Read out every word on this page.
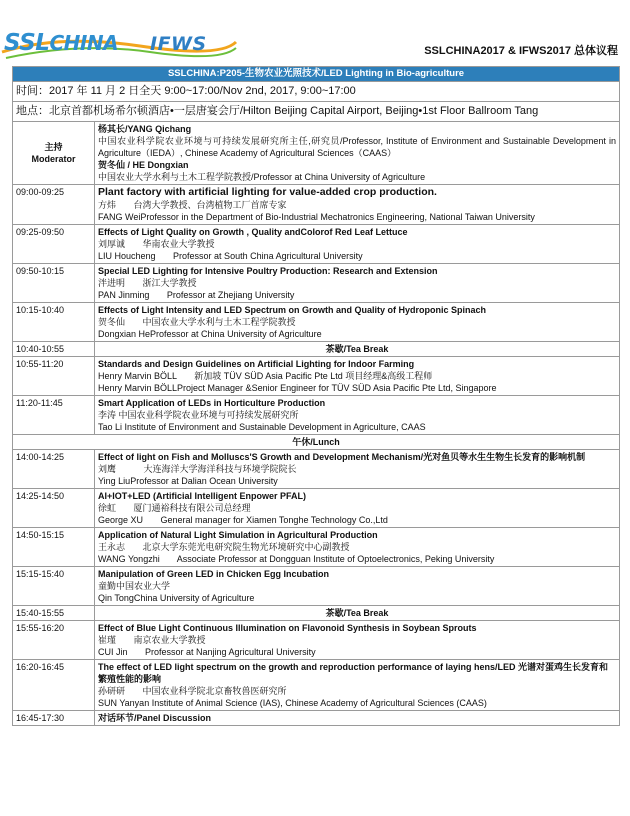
SSLCHINA IFWS	SSLCHINA2017 & IFWS2017 总体议程
SSLCHINA:P205-生物农业光照技术/LED Lighting in Bio-agriculture	
时间：2017 年 11 月 2 日全天 9:00~17:00/Nov 2nd, 2017, 9:00~17:00	
地点：北京首都机场希尔顿酒店•一层唐宴会厅/Hilton Beijing Capital Airport, Beijing•1st Floor Ballroom Tang	
主持
Moderator	杨其长/YANG Qichang
中国农业科学院农业环境与可持续发展研究所主任,研究员/Professor, Institute of Environment and Sustainable Development in Agriculture（IEDA）, Chinese Academy of Agricultural Sciences（CAAS）
贺冬仙 / HE Dongxian
中国农业大学水利与土木工程学院教授/Professor at China University of Agriculture

09:00-09:25	Plant factory with artificial lighting for value-added crop production.
方炜       台湾大学教授、台湾植物工厂首席专家
FANG WeiProfessor in the Department of Bio-Industrial Mechatronics Engineering, National Taiwan University

09:25-09:50	Effects of Light Quality on Growth , Quality andColorof Red Leaf Lettuce
刘厚诚       华南农业大学教授
LIU Houcheng       Professor at South China Agricultural University

09:50-10:15	Special LED Lighting for Intensive Poultry Production: Research and Extension
泮进明       浙江大学教授
PAN Jinming       Professor at Zhejiang University

10:15-10:40	Effects of Light Intensity and LED Spectrum on Growth and Quality of Hydroponic Spinach
贺冬仙       中国农业大学水利与土木工程学院教授
Dongxian HeProfessor at China University of Agriculture

10:40-10:55	茶歇/Tea Break
10:55-11:20	Standards and Design Guidelines on Artificial Lighting for Indoor Farming
Henry Marvin BÖLL       新加坡 TÜV SÜD Asia Pacific Pte Ltd 项目经理&高级工程师
Henry Marvin BÖLLProject Manager &Senior Engineer for TÜV SÜD Asia Pacific Pte Ltd, Singapore

11:20-11:45	Smart Application of LEDs in Horticulture Production
李涛 中国农业科学院农业环境与可持续发展研究所
Tao Li Institute of Environment and Sustainable Development in Agriculture, CAAS

午休/Lunch	
14:00-14:25	Effect of light on Fish and Molluscs'S Growth and Development Mechanism/光对鱼贝等水生生物生长发育的影响机制
刘鹰           大连海洋大学海洋科技与环境学院院长
Ying LiuProfessor at Dalian Ocean University

14:25-14:50	AI+IOT+LED (Artificial Intelligent Enpower PFAL)
徐虹       厦门通裕科技有限公司总经理
George XU       General manager for Xiamen Tonghe Technology Co.,Ltd

14:50-15:15	Application of Natural Light Simulation in Agricultural Production
王永志       北京大学东莞光电研究院生物光环境研究中心副教授
WANG Yongzhi       Associate Professor at Dongguan Institute of Optoelectronics, Peking University

15:15-15:40	Manipulation of Green LED in Chicken Egg Incubation
童勤中国农业大学
Qin TongChina University of Agriculture

15:40-15:55	茶歇/Tea Break
15:55-16:20	Effect of Blue Light Continuous Illumination on Flavonoid Synthesis in Soybean Sprouts
崔瑾       南京农业大学教授
CUI Jin       Professor at Nanjing Agricultural University

16:20-16:45	The effect of LED light spectrum on the growth and reproduction performance of laying hens/LED 光谱对蛋鸡生长发育和繁殖性能的影响
孙研研       中国农业科学院北京畜牧兽医研究所
SUN Yanyan Institute of Animal Science (IAS), Chinese Academy of Agricultural Sciences (CAAS)

16:45-17:30	对话环节/Panel Discussion
